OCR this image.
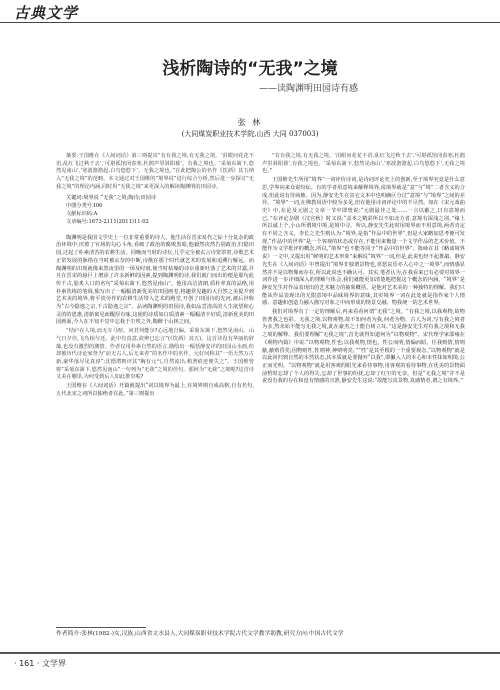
古典文学
浅析陶诗的“无我”之境
——读陶渊明田园诗有感
张 林
(大同煤炭职业技术学院,山西 大同 037003)

摘要:王国维在《人间词话》第三则提出“有有我之境,有无我之境。‘泪眼问花花不语,乱红飞过秋千去’,‘可堪孤馆闭春寒,杜鹃声里斜阳暮’。有我之境也。‘采菊东篱下,悠然见南山’,‘寒波澹澹起,白鸟悠悠下’。无我之境也。”在此把陶公的名作《饮酒》其五纳入“无我之境”的范畴。本文通过对王国维的“境界说”进行综合分析,然后进一步探讨“无我之境”的理论内涵,同时用“无我之境”来更深入的解读陶渊明的田园诗。

关键词:境界说 “无我”之境;陶诗;田园诗
中图分类号:I06
文献标识码:A
文章编号:1673-2111(2011)11-02

陶渊明是我国文学史上一位非常重要的诗人。他生活在晋宋易代之际十分复杂的政治环境中,厌倦了官场的勾心斗角,看破了政治的腐败黑暗,他毅然决然告别政治,归隐田园,过起了朴素清苦的农耕生活。同晚而当时的诗坛,几乎完全被玄言诗笼罩着,诗歌艺术正常发展的脉络在当时被玄奈的中断,诗歌在那个时代就艺术的发展和追溯行解远。而陶渊明的出现就像来黑夜里的一场及时雨,使当时枯燥的诗坛重新吐落了艺术的甘露,并且在晋宋的悬巨上增添了许多新鲜的因素,提到陶渊明的诗,我们就门而出的便是那句此传千古,脍炙人口的名句“采菊东篱下,悠然见南山”。他用高洁清朗,质朴率真的品格,用朴素洗练的笔调,独写出了一幅幅清新优美的田园画卷,将趣常见趣的大自然之美提升到艺术美的境界,将平淡劳作的农耕生活带入艺术的殿堂,开创了田园诗的先河,被后世称为“古今隐逸之宗,千古隐逸之宗”。品读陶渊明的田园诗,我如品尝清高的人生欲望和心灵的的恩惠,清新寓见而醒厚有味,这使的诗质如白质清素一幅幅清丰好质,清新优美的田园画面,今人在不知不觉中忘我于尘埃之外,陶醉于山林之间。

“结庐在人境,而无车马喧。问君何能尔?心远地自偏。采菊东篱下,悠然见南山。山气日夕佳,飞鸟相与还。此中有真意,欲辨已忘言”(《饮酒》其五)。这首诗没有华丽的辞藻,也没有激烈的激情。作者仅用朴素自然的语言,描绘出一幅恬静安详的田园山水画,但却被历代诗论家誉为“前无古人,后无来者”的名作中的名作。元好问称其“一语天然万古新,豪华落尽见真淳”;沈德潜则评其“胸有元气,自然流出,稍著痕迹便失之”。王国维曾将“采菊东篱下,悠然见南山”一句列为“无我”之境的佳句。那何为“无我”之境呢?这首诗又美在哪里,为何受到后人如此推崇呢?

王国维在《人间词话》开篇就提出“词以境界为最上,有境界则自成高格,自有名句,五代北宋之词所以独绝者在此。”第三则提出

“有有我之境,有无我之境。‘泪眼问花花不语,乱红飞过秋千去’,‘可堪孤馆闭春寒,杜鹃声里斜阳暮’,有我之境也。‘采菊东篱下,悠然见南山’,‘寒波澹澹起,白鸟悠悠下’,无我之境也。”

王国维先生所用“境界”一词评价诗词,是诗词评论史上的创新,至于境界究竟是什么意思,学界向来众说纷纭。有的学者用意境来解释境界,说境界就是“意”与“境”二者含义的合成,但此说有待商榷。因为,静安先生在其它文本中也明确区分过“意境”与“境界”之间的差异。“境界”一词,在佛教用语中较为多见,但在他用诗词评论中的不尽然。如在《宋元戏曲史》中,在论及元剧之文章一节中即曾说:“元剧最佳之处……一言以蔽之,曰有意境而已。”在评论杂剧《汉宫秋》时又说:“盖本之精彩所以不如北方者,意境有深浅之别。”缘上所以诚上个,小山所谓境中境,是境中寻。所以,静安先生此时用境界而不用意境,两者肯定有不同之含义。李长之先生则认为:“境界,是指“作品中的世界”,但是大家略加思考便可发现,“作品中的世界”是一个客观的状态或存在,不能用来衡量一个文学作品的艺术价值。不能作为文学批评的概念,所以,“境界”也不能等同于“作品中的世界”。陈咏在其《略谈境界说》一文中,又提出用“鲜明的艺术形象”来解说“境界”一词,但是,此说也经不起推敲。静安先生在《人间词话》中曾提出“境界非独谓景物也,喜怒哀乐亦人心中之一境界”,而情感显然并不是以物像而存在,所以此说也不确认可。其实,笔者认为,在我看来已有必要对境界一词作进一步详细深入的理解与体会,我们就能更加清楚地把握这个概念的内涵。“境界”是静安先生对作品表现出的艺术魅力的抽象概括。是他对艺术美的一种独特的理解。我们只能从作品表现出的无限意境中品味境界的意味,其实境界一词在此处就是指作家个人情感、意趣和创造力融入描写对象之中而形成的情景交融、物我统一的艺术世界。

我们对境界有了一定的理解后,再来看看何谓“无我”之境。“有我之境,以我观物,故物皆著我之色彩。无我之境,以物观物,故不知何者为我,何者为物。古人为词,写有我之境者为多,然未始不能写无我之境,此在豪杰之士能自树立耳。”这是静安先生对有我之境和无我之境的解释。我们要理解“无我之境”,首先就得知道何为“以物观物”。宋代理学家邵雍在《观物内篇》中说:“以物观物,性也;以我观物,情也。性公而明,情偏而暗。任我则情,情则蔽,蔽则昏矣;因物则性,性则神,神则明矣。”“性”是其至根的一个重要观念,“以物观物”就是以此回归到自然的本然状态,其本质就是要抛弃“以我”,即撇入人的本心和本性抹如明境,公正而光明。“以物观物”就是用客观的眼光来看待事物,用客观的看待事物,在优美的景物面前暂时忘却了个人的得失,忘却了世事的纷扰,忘却了红尘的无奈。但是“无我之境”并不是说没有我的存在和没有情感的宣泄,静安先生这说:“故能写真景物,真感情者,谓之有境界。”

作者简介:张林(1982-)女,汉族,山西省文水县人,大同煤炭职业技术学院古代文学教学助教,研究方向:中国古代文学
· 161 · 文学界
